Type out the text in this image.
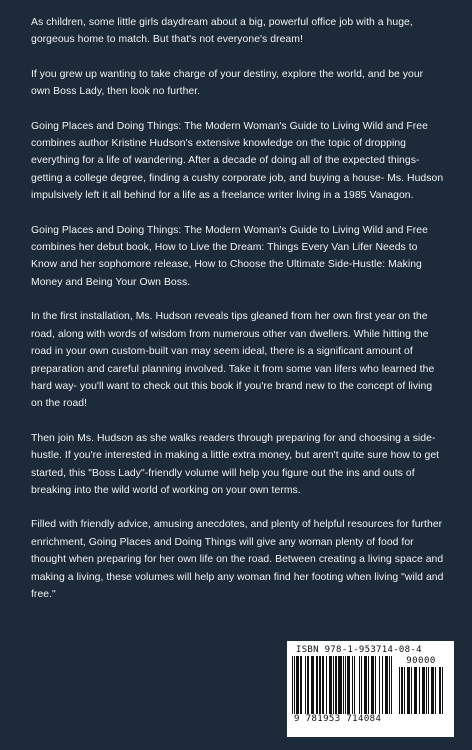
As children, some little girls daydream about a big, powerful office job with a huge, gorgeous home to match. But that's not everyone's dream!

If you grew up wanting to take charge of your destiny, explore the world, and be your own Boss Lady, then look no further.

Going Places and Doing Things: The Modern Woman's Guide to Living Wild and Free combines author Kristine Hudson's extensive knowledge on the topic of dropping everything for a life of wandering. After a decade of doing all of the expected things- getting a college degree, finding a cushy corporate job, and buying a house- Ms. Hudson impulsively left it all behind for a life as a freelance writer living in a 1985 Vanagon.

Going Places and Doing Things: The Modern Woman's Guide to Living Wild and Free combines her debut book, How to Live the Dream: Things Every Van Lifer Needs to Know and her sophomore release, How to Choose the Ultimate Side-Hustle: Making Money and Being Your Own Boss.

In the first installation, Ms. Hudson reveals tips gleaned from her own first year on the road, along with words of wisdom from numerous other van dwellers. While hitting the road in your own custom-built van may seem ideal, there is a significant amount of preparation and careful planning involved. Take it from some van lifers who learned the hard way- you'll want to check out this book if you're brand new to the concept of living on the road!

Then join Ms. Hudson as she walks readers through preparing for and choosing a side-hustle. If you're interested in making a little extra money, but aren't quite sure how to get started, this "Boss Lady"-friendly volume will help you figure out the ins and outs of breaking into the wild world of working on your own terms.

Filled with friendly advice, amusing anecdotes, and plenty of helpful resources for further enrichment, Going Places and Doing Things will give any woman plenty of food for thought when preparing for her own life on the road. Between creating a living space and making a living, these volumes will help any woman find her footing when living "wild and free."

ISBN 978-1-953714-08-4
90000
9 781953 714084
